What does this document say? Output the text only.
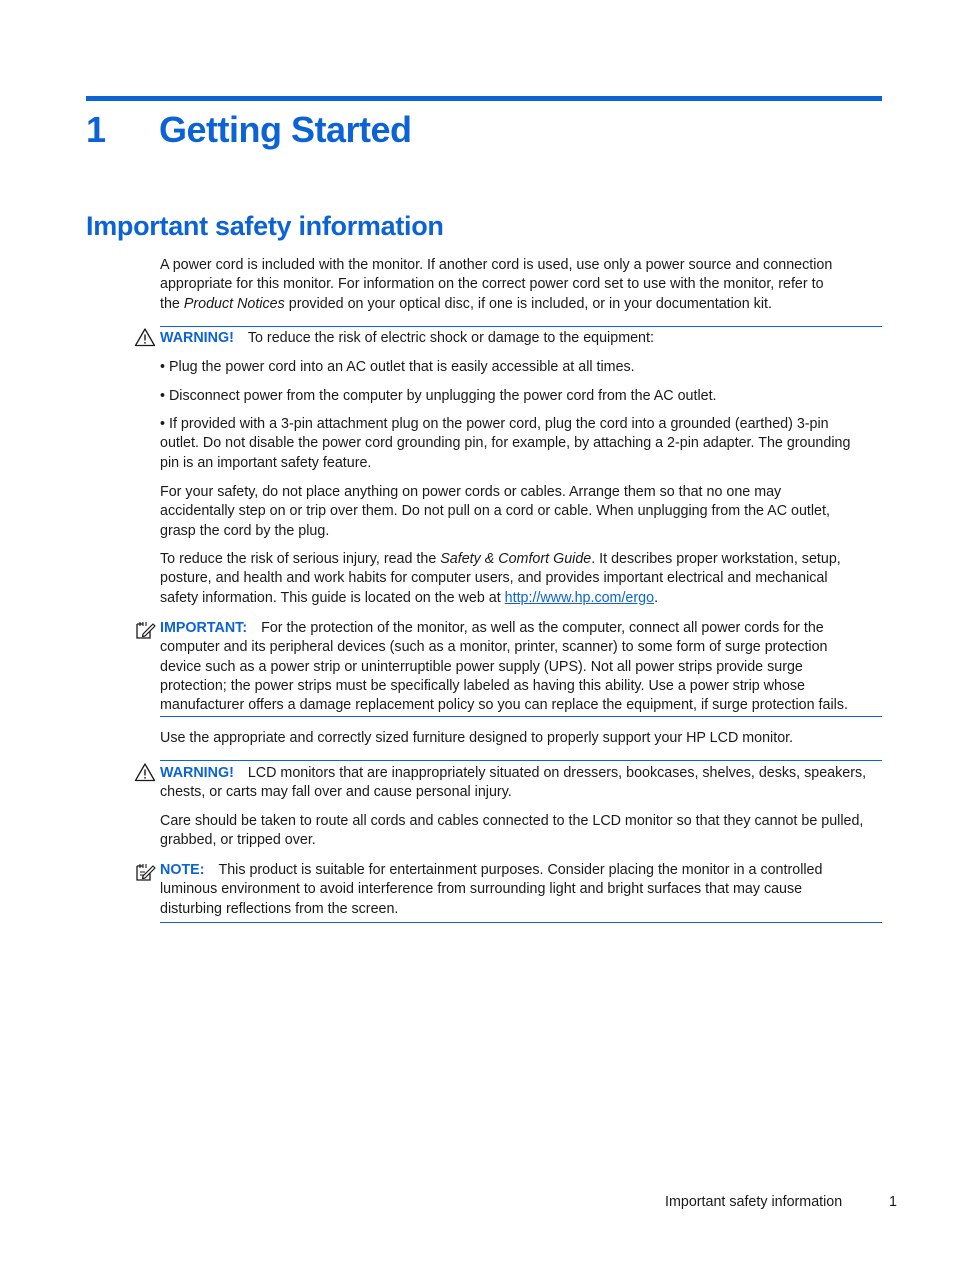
1 Getting Started
Important safety information
A power cord is included with the monitor. If another cord is used, use only a power source and connection
appropriate for this monitor. For information on the correct power cord set to use with the monitor, refer to
the Product Notices provided on your optical disc, if one is included, or in your documentation kit.
WARNING! To reduce the risk of electric shock or damage to the equipment:
• Plug the power cord into an AC outlet that is easily accessible at all times.
• Disconnect power from the computer by unplugging the power cord from the AC outlet.
• If provided with a 3-pin attachment plug on the power cord, plug the cord into a grounded (earthed) 3-pin
outlet. Do not disable the power cord grounding pin, for example, by attaching a 2-pin adapter. The grounding
pin is an important safety feature.
For your safety, do not place anything on power cords or cables. Arrange them so that no one may
accidentally step on or trip over them. Do not pull on a cord or cable. When unplugging from the AC outlet,
grasp the cord by the plug.
To reduce the risk of serious injury, read the Safety & Comfort Guide. It describes proper workstation, setup,
posture, and health and work habits for computer users, and provides important electrical and mechanical
safety information. This guide is located on the web at http://www.hp.com/ergo.
IMPORTANT: For the protection of the monitor, as well as the computer, connect all power cords for the
computer and its peripheral devices (such as a monitor, printer, scanner) to some form of surge protection
device such as a power strip or uninterruptible power supply (UPS). Not all power strips provide surge
protection; the power strips must be specifically labeled as having this ability. Use a power strip whose
manufacturer offers a damage replacement policy so you can replace the equipment, if surge protection fails.
Use the appropriate and correctly sized furniture designed to properly support your HP LCD monitor.
WARNING! LCD monitors that are inappropriately situated on dressers, bookcases, shelves, desks, speakers,
chests, or carts may fall over and cause personal injury.
Care should be taken to route all cords and cables connected to the LCD monitor so that they cannot be pulled,
grabbed, or tripped over.
NOTE: This product is suitable for entertainment purposes. Consider placing the monitor in a controlled
luminous environment to avoid interference from surrounding light and bright surfaces that may cause
disturbing reflections from the screen.
Important safety information	1
